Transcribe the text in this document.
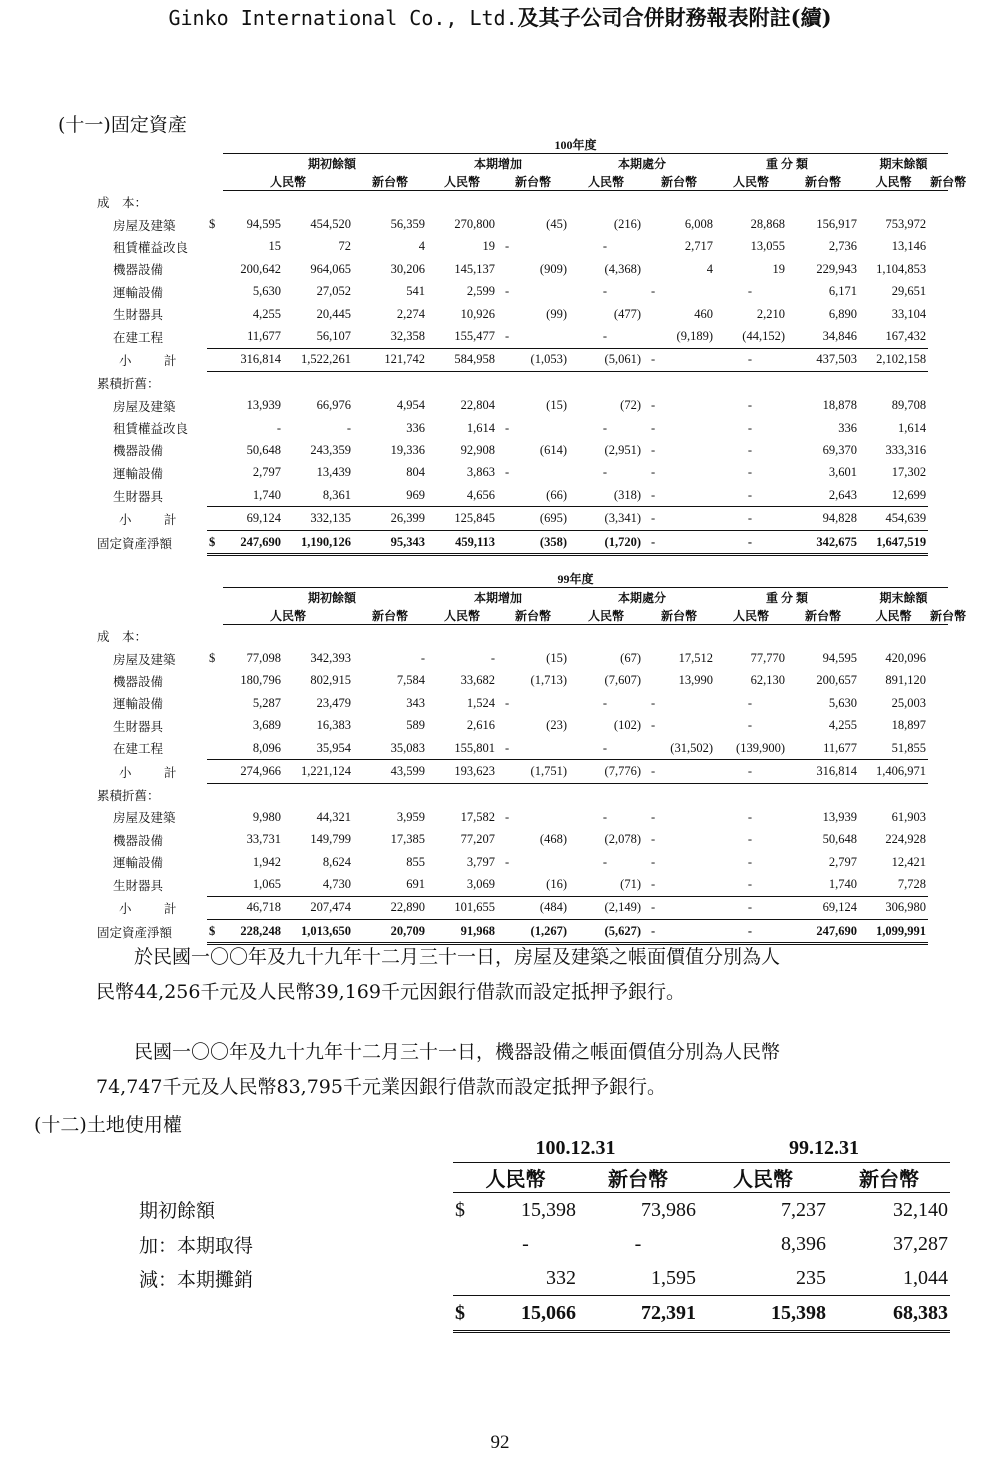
Ginko International Co., Ltd.及其子公司合併財務報表附註(續)
(十一)固定資產
		100年度										
		期初餘額			本期增加		本期處分		重 分 類		期末餘額	
		人民幣		新台幣	人民幣	新台幣	人民幣	新台幣	人民幣	新台幣	人民幣	新台幣
成　本：												
房屋及建築	$	94,595	454,520	56,359	270,800	(45)	(216)	6,008	28,868	156,917	753,972	
租賃權益改良		15	72	4	19	-	-	2,717	13,055	2,736	13,146	
機器設備		200,642	964,065	30,206	145,137	(909)	(4,368)	4	19	229,943	1,104,853	
運輸設備		5,630	27,052	541	2,599	-	-	-	-	6,171	29,651	
生財器具		4,255	20,445	2,274	10,926	(99)	(477)	460	2,210	6,890	33,104	
在建工程		11,677	56,107	32,358	155,477	-	-	(9,189)	(44,152)	34,846	167,432	
小　計		316,814	1,522,261	121,742	584,958	(1,053)	(5,061)	-	-	437,503	2,102,158	
累積折舊：												
房屋及建築		13,939	66,976	4,954	22,804	(15)	(72)	-	-	18,878	89,708	
租賃權益改良		-	-	336	1,614	-	-	-	-	336	1,614	
機器設備		50,648	243,359	19,336	92,908	(614)	(2,951)	-	-	69,370	333,316	
運輸設備		2,797	13,439	804	3,863	-	-	-	-	3,601	17,302	
生財器具		1,740	8,361	969	4,656	(66)	(318)	-	-	2,643	12,699	
小　計		69,124	332,135	26,399	125,845	(695)	(3,341)	-	-	94,828	454,639	
固定資產淨額	$	247,690	1,190,126	95,343	459,113	(358)	(1,720)	-	-	342,675	1,647,519	
		99年度										
		期初餘額			本期增加		本期處分		重 分 類		期末餘額	
		人民幣		新台幣	人民幣	新台幣	人民幣	新台幣	人民幣	新台幣	人民幣	新台幣
成　本：												
房屋及建築	$	77,098	342,393	-	-	(15)	(67)	17,512	77,770	94,595	420,096	
機器設備		180,796	802,915	7,584	33,682	(1,713)	(7,607)	13,990	62,130	200,657	891,120	
運輸設備		5,287	23,479	343	1,524	-	-	-	-	5,630	25,003	
生財器具		3,689	16,383	589	2,616	(23)	(102)	-	-	4,255	18,897	
在建工程		8,096	35,954	35,083	155,801	-	-	(31,502)	(139,900)	11,677	51,855	
小　計		274,966	1,221,124	43,599	193,623	(1,751)	(7,776)	-	-	316,814	1,406,971	
累積折舊：												
房屋及建築		9,980	44,321	3,959	17,582	-	-	-	-	13,939	61,903	
機器設備		33,731	149,799	17,385	77,207	(468)	(2,078)	-	-	50,648	224,928	
運輸設備		1,942	8,624	855	3,797	-	-	-	-	2,797	12,421	
生財器具		1,065	4,730	691	3,069	(16)	(71)	-	-	1,740	7,728	
小　計		46,718	207,474	22,890	101,655	(484)	(2,149)	-	-	69,124	306,980	
固定資產淨額	$	228,248	1,013,650	20,709	91,968	(1,267)	(5,627)	-	-	247,690	1,099,991	
於民國一〇〇年及九十九年十二月三十一日，房屋及建築之帳面價值分別為人
民幣44,256千元及人民幣39,169千元因銀行借款而設定抵押予銀行。
民國一〇〇年及九十九年十二月三十一日，機器設備之帳面價值分別為人民幣
74,747千元及人民幣83,795千元業因銀行借款而設定抵押予銀行。
(十二)土地使用權
	100.12.31			99.12.31	
	人民幣		新台幣	人民幣	新台幣
期初餘額	$	15,398	73,986	7,237	32,140
加：本期取得		-	-	8,396	37,287
減：本期攤銷		332	1,595	235	1,044
	$	15,066	72,391	15,398	68,383
92
